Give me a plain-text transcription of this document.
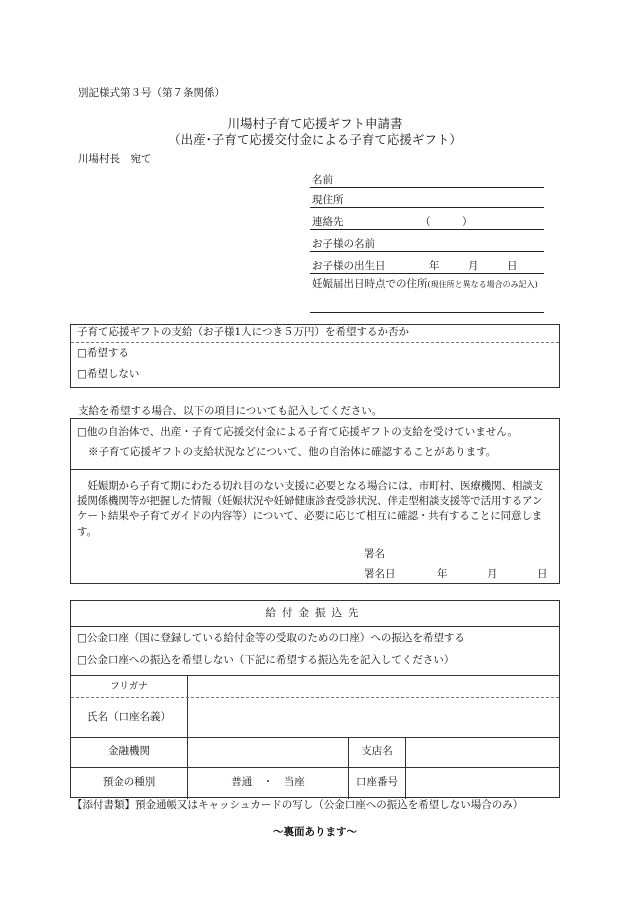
別記様式第３号（第７条関係）
川場村子育て応援ギフト申請書
（出産･子育て応援交付金による子育て応援ギフト）
川場村長　宛て
名前
現住所
連絡先	（　　　）
お子様の名前
お子様の出生日	年	月	日
妊娠届出日時点での住所(現住所と異なる場合のみ記入)
子育て応援ギフトの支給（お子様1人につき５万円）を希望するか否か
□希望する
□希望しない
支給を希望する場合、以下の項目についても記入してください。
□他の自治体で、出産・子育て応援交付金による子育て応援ギフトの支給を受けていません。
※子育て応援ギフトの支給状況などについて、他の自治体に確認することがあります。
妊娠期から子育て期にわたる切れ目のない支援に必要となる場合には、市町村、医療機関、相談支援関係機関等が把握した情報（妊娠状況や妊婦健康診査受診状況、伴走型相談支援等で活用するアンケート結果や子育てガイドの内容等）について、必要に応じて相互に確認・共有することに同意します。
署名
署名日	年	月	日
給付金振込先
□公金口座（国に登録している給付金等の受取のための口座）への振込を希望する
□公金口座への振込を希望しない（下記に希望する振込先を記入してください）
フリガナ
氏名（口座名義）
金融機関	支店名
預金の種別	普通　・　当座	口座番号
【添付書類】預金通帳又はキャッシュカードの写し（公金口座への振込を希望しない場合のみ）
～裏面あります～
